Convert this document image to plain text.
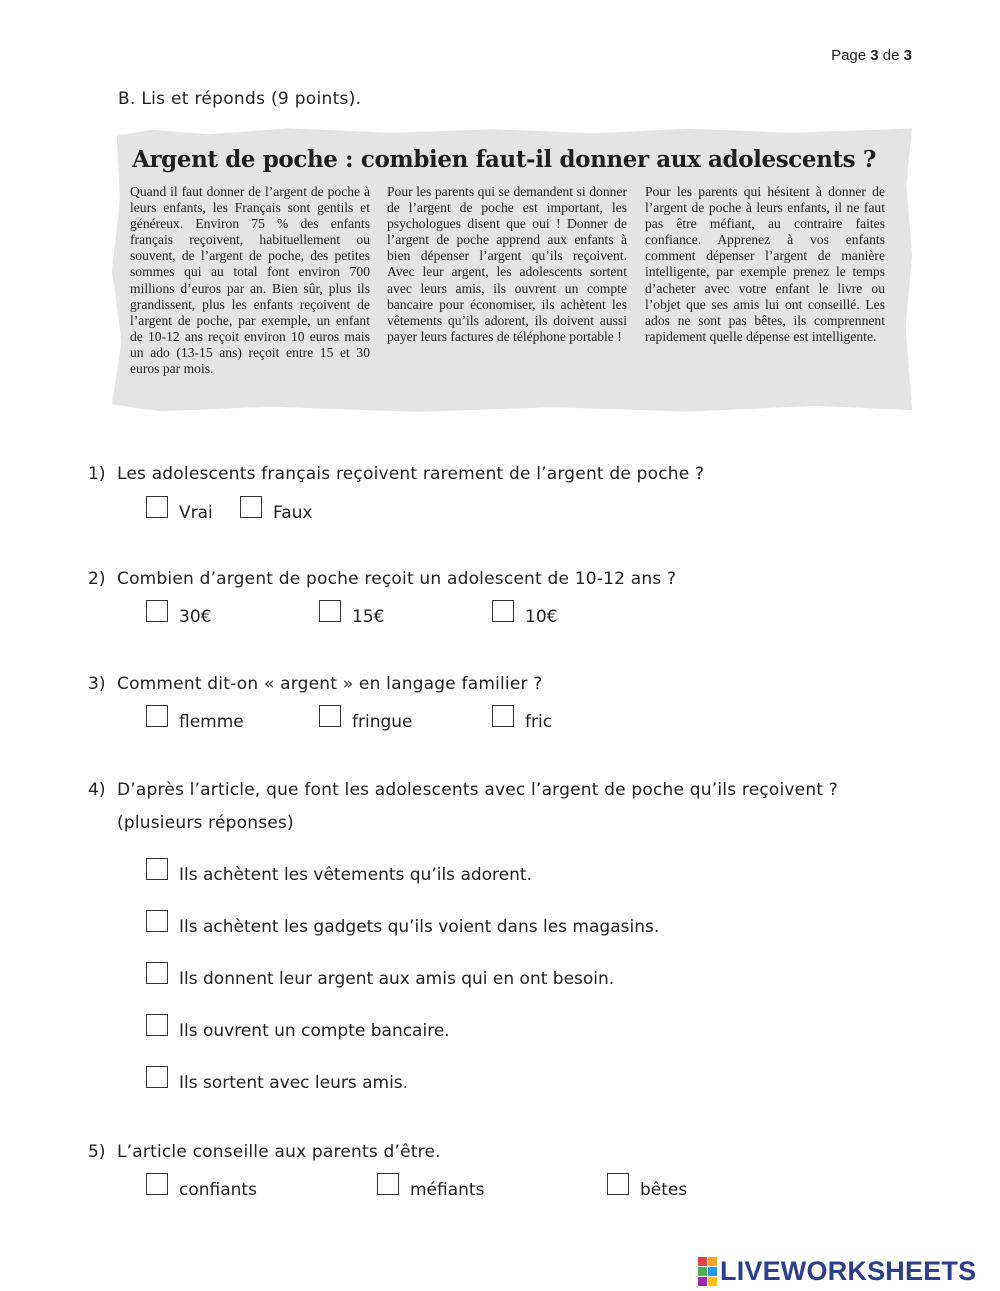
Page 3 de 3
B. Lis et réponds (9 points).
Argent de poche : combien faut-il donner aux adolescents ?
Quand il faut donner de l’argent de poche à leurs enfants, les Français sont gentils et généreux. Environ 75 % des enfants français reçoivent, habituellement ou souvent, de l’argent de poche, des petites sommes qui au total font environ 700 millions d’euros par an. Bien sûr, plus ils grandissent, plus les enfants reçoivent de l’argent de poche, par exemple, un enfant de 10-12 ans reçoit environ 10 euros mais un ado (13-15 ans) reçoit entre 15 et 30 euros par mois.
Pour les parents qui se demandent si donner de l’argent de poche est important, les psychologues disent que oui ! Donner de l’argent de poche apprend aux enfants à bien dépenser l’argent qu’ils reçoivent. Avec leur argent, les adolescents sortent avec leurs amis, ils ouvrent un compte bancaire pour économiser, ils achètent les vêtements qu’ils adorent, ils doivent aussi payer leurs factures de téléphone portable !
Pour les parents qui hésitent à donner de l’argent de poche à leurs enfants, il ne faut pas être méfiant, au contraire faites confiance. Apprenez à vos enfants comment dépenser l’argent de manière intelligente, par exemple prenez le temps d’acheter avec votre enfant le livre ou l’objet que ses amis lui ont conseillé. Les ados ne sont pas bêtes, ils comprennent rapidement quelle dépense est intelligente.
1) Les adolescents français reçoivent rarement de l’argent de poche ?
Vrai	Faux
2) Combien d’argent de poche reçoit un adolescent de 10-12 ans ?
30€	15€	10€
3) Comment dit-on « argent » en langage familier ?
flemme	fringue	fric
4) D’après l’article, que font les adolescents avec l’argent de poche qu’ils reçoivent ?
(plusieurs réponses)
Ils achètent les vêtements qu’ils adorent.
Ils achètent les gadgets qu’ils voient dans les magasins.
Ils donnent leur argent aux amis qui en ont besoin.
Ils ouvrent un compte bancaire.
Ils sortent avec leurs amis.
5) L’article conseille aux parents d’être.
confiants	méfiants	bêtes
LIVEWORKSHEETS
